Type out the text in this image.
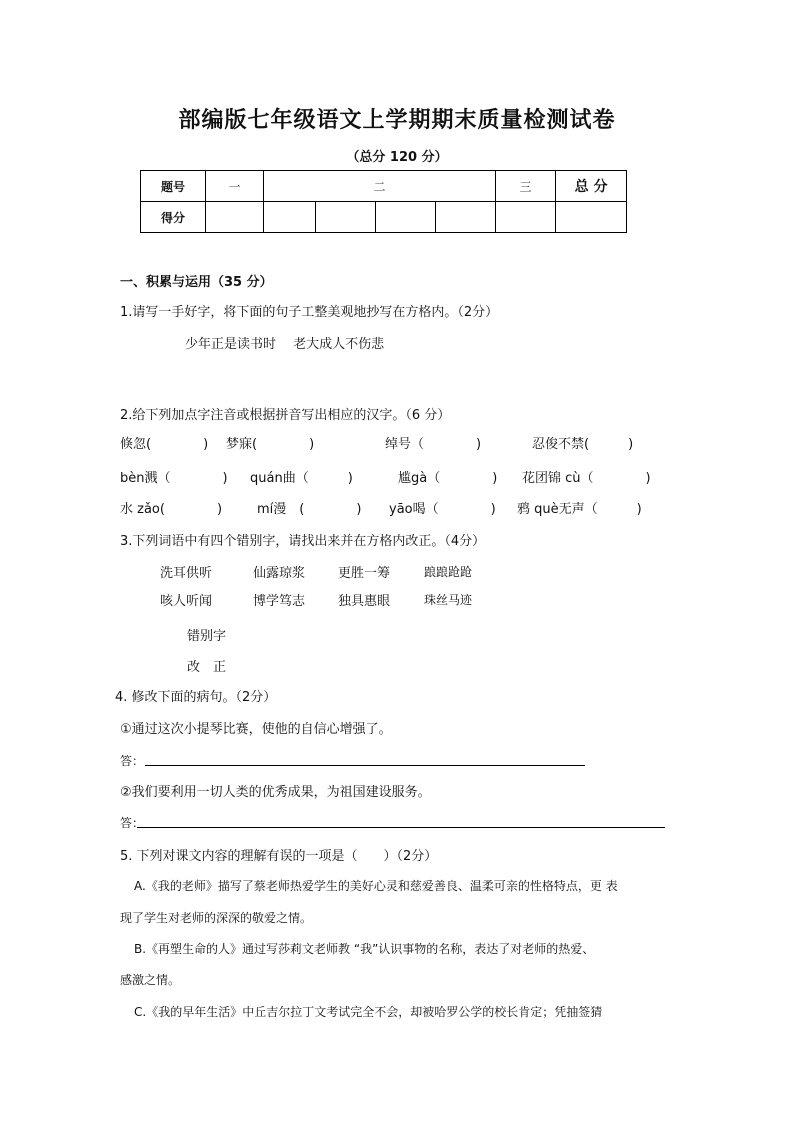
部编版七年级语文上学期期末质量检测试卷
（总分 120 分）
题号	一	二				三	总 分
得分							
一、积累与运用（35 分）
1.请写一手好字，将下面的句子工整美观地抄写在方格内。（2分）
少年正是读书时　 老大成人不伤悲
2.给下列加点字注音或根据拼音写出相应的汉字。（6 分）
倏忽(　　　　) 梦寐(　　　　)	绰号（　　　　)	忍俊不禁(　　　)
bèn溅（　　　　) quán曲（　　　)	尴gà（　　　　) 花团锦 cù（　　　　)
水 zǎo(　　　　)	mí漫　(　　　　) yāo喝（　　　　) 鸦 què无声（　　　)
3.下列词语中有四个错别字，请找出来并在方格内改正。（4分）
洗耳供听	仙露琼浆	更胜一筹	踉踉跄跄
咳人听闻	博学笃志	独具惠眼	珠丝马迹
错别字
改　正
4. 修改下面的病句。（2分）
①通过这次小提琴比赛，使他的自信心增强了。
答：
②我们要利用一切人类的优秀成果，为祖国建设服务。
答：
5. 下列对课文内容的理解有误的一项是（　　）（2分）
A.《我的老师》描写了蔡老师热爱学生的美好心灵和慈爱善良、温柔可亲的性格特点，更 表
现了学生对老师的深深的敬爱之情。
B.《再塑生命的人》通过写莎莉文老师教 “我”认识事物的名称，表达了对老师的热爱、
感激之情。
C.《我的早年生活》中丘吉尔拉丁文考试完全不会，却被哈罗公学的校长肯定；凭抽签猜
